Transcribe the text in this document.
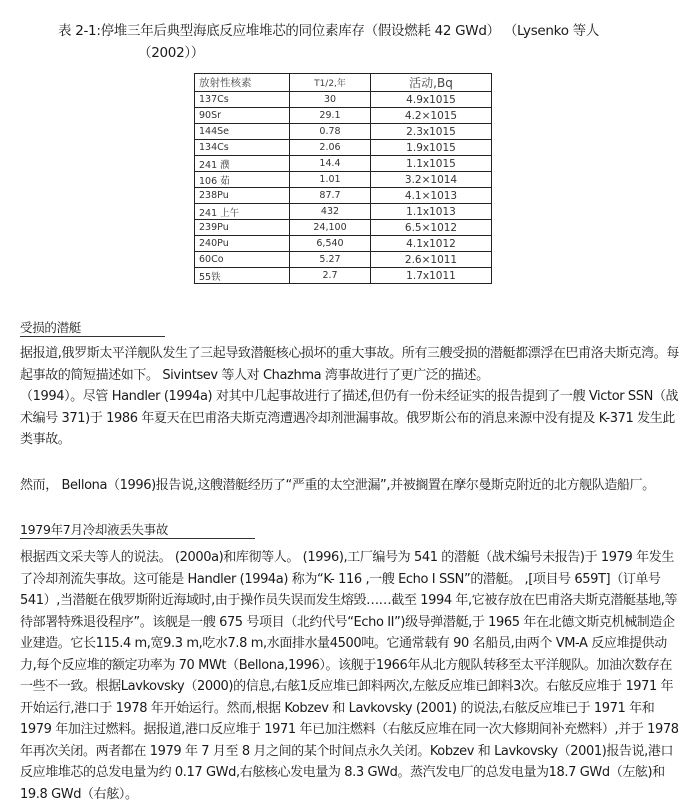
表 2-1:停堆三年后典型海底反应堆堆芯的同位素库存（假设燃耗 42 GWd） （Lysenko 等人
（2002））
放射性核素	T1/2,年	活动,Bq
137Cs	30	4.9x1015
90Sr	29.1	4.2×1015
144Se	0.78	2.3x1015
134Cs	2.06	1.9x1015
241 濮	14.4	1.1x1015
106 茹	1.01	3.2×1014
238Pu	87.7	4.1×1013
241 上午	432	1.1x1013
239Pu	24,100	6.5×1012
240Pu	6,540	4.1x1012
60Co	5.27	2.6×1011
55铁	2.7	1.7x1011
受损的潜艇
据报道,俄罗斯太平洋舰队发生了三起导致潜艇核心损坏的重大事故。所有三艘受损的潜艇都漂浮在巴甫洛夫斯克湾。每起事故的简短描述如下。 Sivintsev 等人对 Chazhma 湾事故进行了更广泛的描述。
（1994）。尽管 Handler (1994a) 对其中几起事故进行了描述,但仍有一份未经证实的报告提到了一艘 Victor SSN（战术编号 371)于 1986 年夏天在巴甫洛夫斯克湾遭遇冷却剂泄漏事故。俄罗斯公布的消息来源中没有提及 K-371 发生此类事故。
然而， Bellona（1996)报告说,这艘潜艇经历了“严重的太空泄漏”,并被搁置在摩尔曼斯克附近的北方舰队造船厂。
1979年7月冷却液丢失事故
根据西文采夫等人的说法。 (2000a)和库彻等人。 (1996),工厂编号为 541 的潜艇（战术编号未报告)于 1979 年发生了冷却剂流失事故。这可能是 Handler (1994a) 称为“K- 116 ,一艘 Echo I SSN”的潜艇。 ,[项目号 659T]（订单号 541）,当潜艇在俄罗斯附近海域时,由于操作员失误而发生熔毁……截至 1994 年,它被存放在巴甫洛夫斯克潜艇基地,等待部署特殊退役程序”。该舰是一艘 675 号项目（北约代号“Echo II”)级导弹潜艇,于 1965 年在北德文斯克机械制造企业建造。它长115.4 m,宽9.3 m,吃水7.8 m,水面排水量4500吨。它通常载有 90 名船员,由两个 VM-A 反应堆提供动力,每个反应堆的额定功率为 70 MWt（Bellona,1996）。该舰于1966年从北方舰队转移至太平洋舰队。加油次数存在一些不一致。根据Lavkovsky（2000)的信息,右舷1反应堆已卸料两次,左舷反应堆已卸料3次。右舷反应堆于 1971 年开始运行,港口于 1978 年开始运行。然而,根据 Kobzev 和 Lavkovsky (2001) 的说法,右舷反应堆已于 1971 年和 1979 年加注过燃料。据报道,港口反应堆于 1971 年已加注燃料（右舷反应堆在同一次大修期间补充燃料）,并于 1978 年再次关闭。两者都在 1979 年 7 月至 8 月之间的某个时间点永久关闭。Kobzev 和 Lavkovsky（2001)报告说,港口反应堆堆芯的总发电量为约 0.17 GWd,右舷核心发电量为 8.3 GWd。蒸汽发电厂的总发电量为18.7 GWd（左舷)和19.8 GWd（右舷）。
